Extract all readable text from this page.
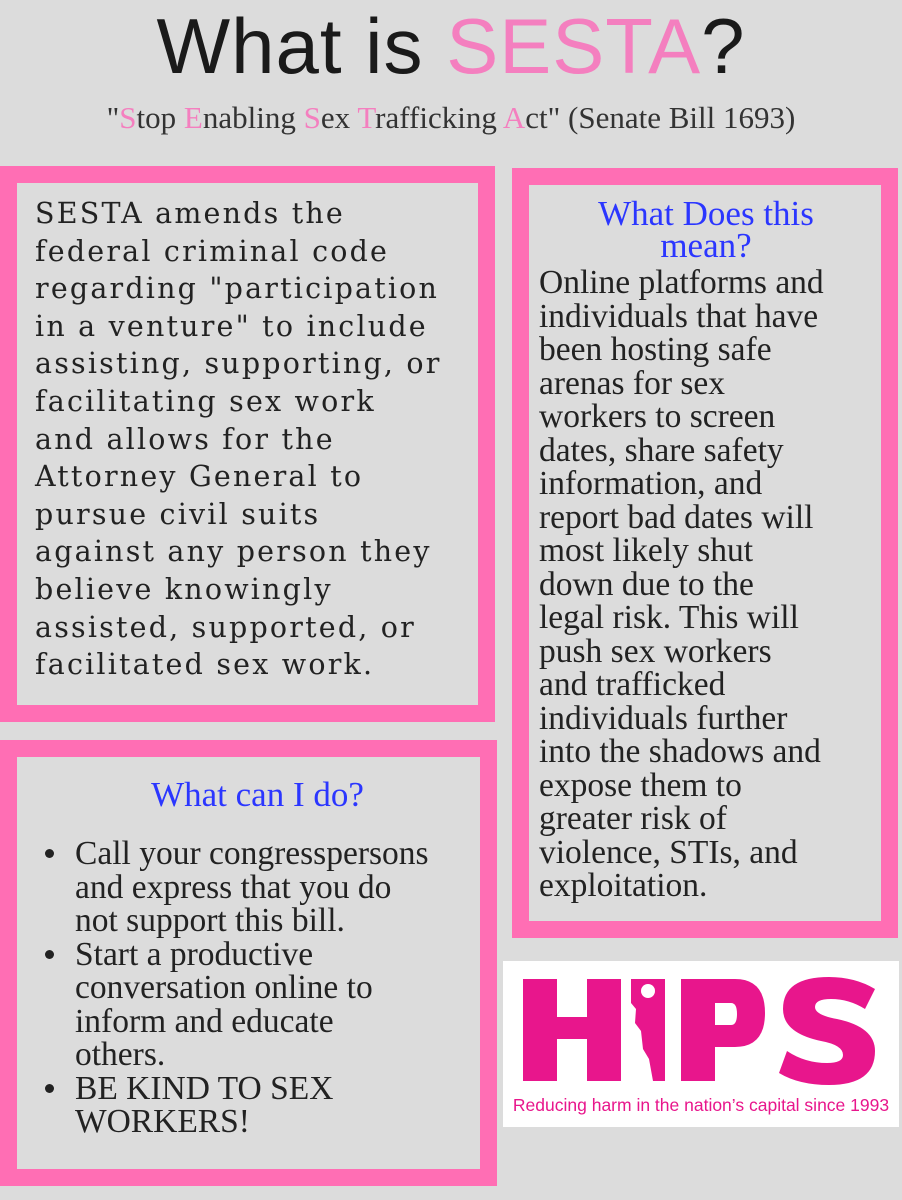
What is SESTA?
"Stop Enabling Sex Trafficking Act" (Senate Bill 1693)
SESTA amends the
federal criminal code
regarding "participation
in a venture" to include
assisting, supporting, or
facilitating sex work
and allows for the
Attorney General to
pursue civil suits
against any person they
believe knowingly
assisted, supported, or
facilitated sex work.
What Does this
mean?
Online platforms and
individuals that have
been hosting safe
arenas for sex
workers to screen
dates, share safety
information, and
report bad dates will
most likely shut
down due to the
legal risk. This will
push sex workers
and trafficked
individuals further
into the shadows and
expose them to
greater risk of
violence, STIs, and
exploitation.
What can I do?
Call your congresspersons
and express that you do
not support this bill.
Start a productive
conversation online to
inform and educate
others.
BE KIND TO SEX
WORKERS!	Reducing harm in the nation’s capital since 1993
